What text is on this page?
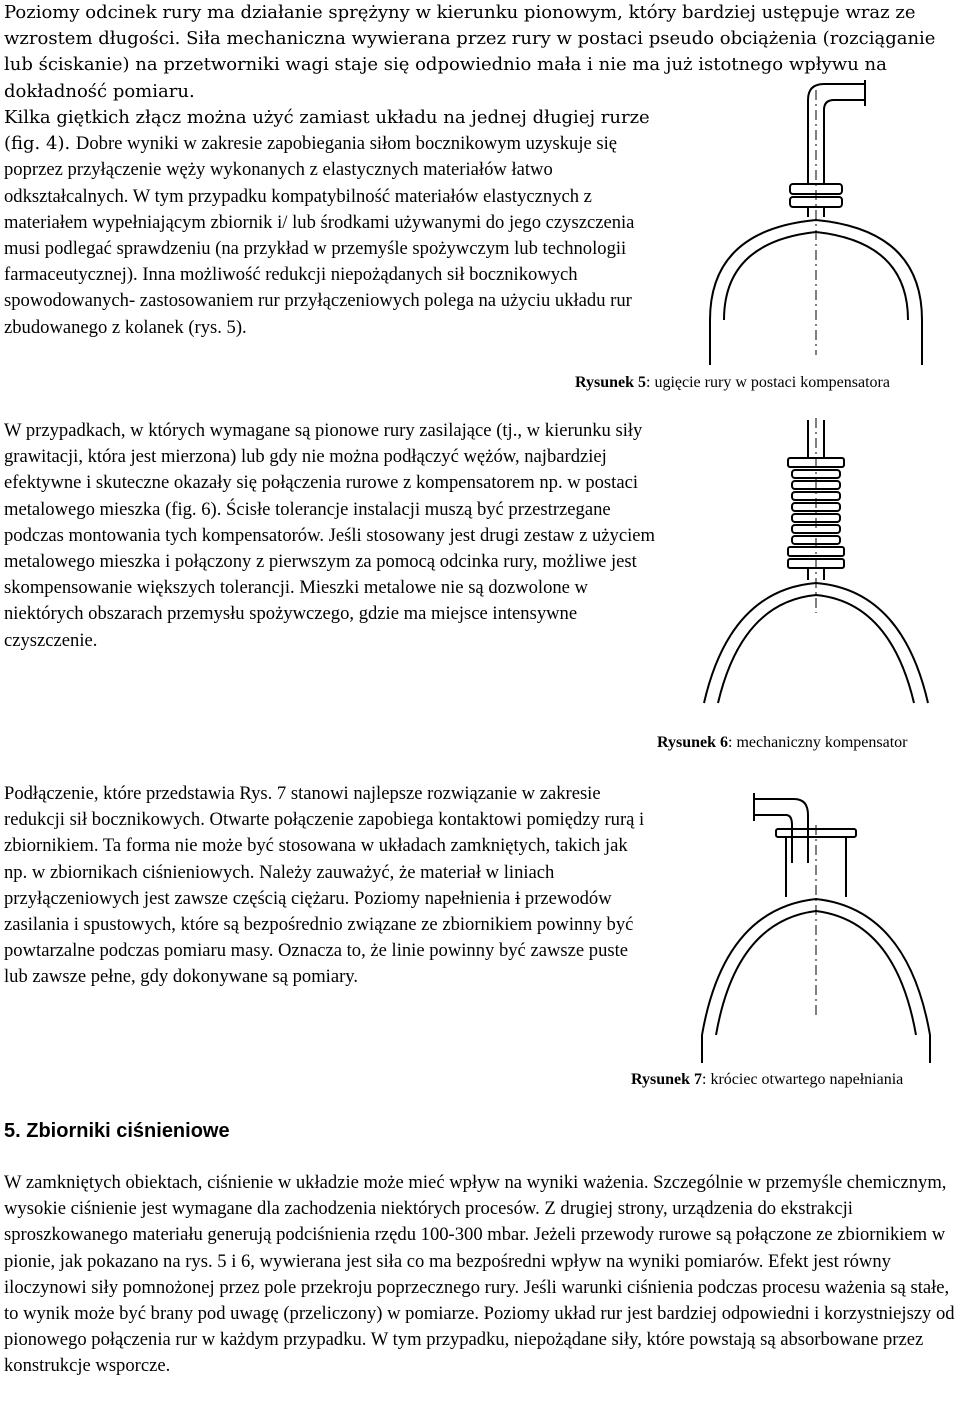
Poziomy odcinek rury ma działanie sprężyny w kierunku pionowym, który bardziej ustępuje wraz ze wzrostem długości. Siła mechaniczna wywierana przez rury w postaci pseudo obciążenia (rozciąganie lub ściskanie) na przetworniki wagi staje się odpowiednio mała i nie ma już istotnego wpływu na dokładność pomiaru.

Kilka giętkich złącz można użyć zamiast układu na jednej długiej rurze (fig. 4). Dobre wyniki w zakresie zapobiegania siłom bocznikowym uzyskuje się poprzez przyłączenie węży wykonanych z elastycznych materiałów łatwo odkształcalnych. W tym przypadku kompatybilność materiałów elastycznych z materiałem wypełniającym zbiornik i/ lub środkami używanymi do jego czyszczenia musi podlegać sprawdzeniu (na przykład w przemyśle spożywczym lub technologii farmaceutycznej). Inna możliwość redukcji niepożądanych sił bocznikowych spowodowanych- zastosowaniem rur przyłączeniowych polega na użyciu układu rur zbudowanego z kolanek (rys. 5).

Rysunek 5: ugięcie rury w postaci kompensatora

W przypadkach, w których wymagane są pionowe rury zasilające (tj., w kierunku siły grawitacji, która jest mierzona) lub gdy nie można podłączyć wężów, najbardziej efektywne i skuteczne okazały się połączenia rurowe z kompensatorem np. w postaci metalowego mieszka (fig. 6). Ścisłe tolerancje instalacji muszą być przestrzegane podczas montowania tych kompensatorów. Jeśli stosowany jest drugi zestaw z użyciem metalowego mieszka i połączony z pierwszym za pomocą odcinka rury, możliwe jest skompensowanie większych tolerancji. Mieszki metalowe nie są dozwolone w niektórych obszarach przemysłu spożywczego, gdzie ma miejsce intensywne czyszczenie.

Rysunek 6: mechaniczny kompensator

Podłączenie, które przedstawia Rys. 7 stanowi najlepsze rozwiązanie w zakresie redukcji sił bocznikowych. Otwarte połączenie zapobiega kontaktowi pomiędzy rurą i zbiornikiem. Ta forma nie może być stosowana w układach zamkniętych, takich jak np. w zbiornikach ciśnieniowych. Należy zauważyć, że materiał w liniach przyłączeniowych jest zawsze częścią ciężaru. Poziomy napełnienia i przewodów zasilania i spustowych, które są bezpośrednio związane ze zbiornikiem powinny być powtarzalne podczas pomiaru masy. Oznacza to, że linie powinny być zawsze puste lub zawsze pełne, gdy dokonywane są pomiary.

Rysunek 7: króciec otwartego napełniania

5. Zbiorniki ciśnieniowe

W zamkniętych obiektach, ciśnienie w układzie może mieć wpływ na wyniki ważenia. Szczególnie w przemyśle chemicznym, wysokie ciśnienie jest wymagane dla zachodzenia niektórych procesów. Z drugiej strony, urządzenia do ekstrakcji sproszkowanego materiału generują podciśnienia rzędu 100-300 mbar. Jeżeli przewody rurowe są połączone ze zbiornikiem w pionie, jak pokazano na rys. 5 i 6, wywierana jest siła co ma bezpośredni wpływ na wyniki pomiarów. Efekt jest równy iloczynowi siły pomnożonej przez pole przekroju poprzecznego rury. Jeśli warunki ciśnienia podczas procesu ważenia są stałe, to wynik może być brany pod uwagę (przeliczony) w pomiarze. Poziomy układ rur jest bardziej odpowiedni i korzystniejszy od pionowego połączenia rur w każdym przypadku. W tym przypadku, niepożądane siły, które powstają są absorbowane przez konstrukcje wsporcze.
